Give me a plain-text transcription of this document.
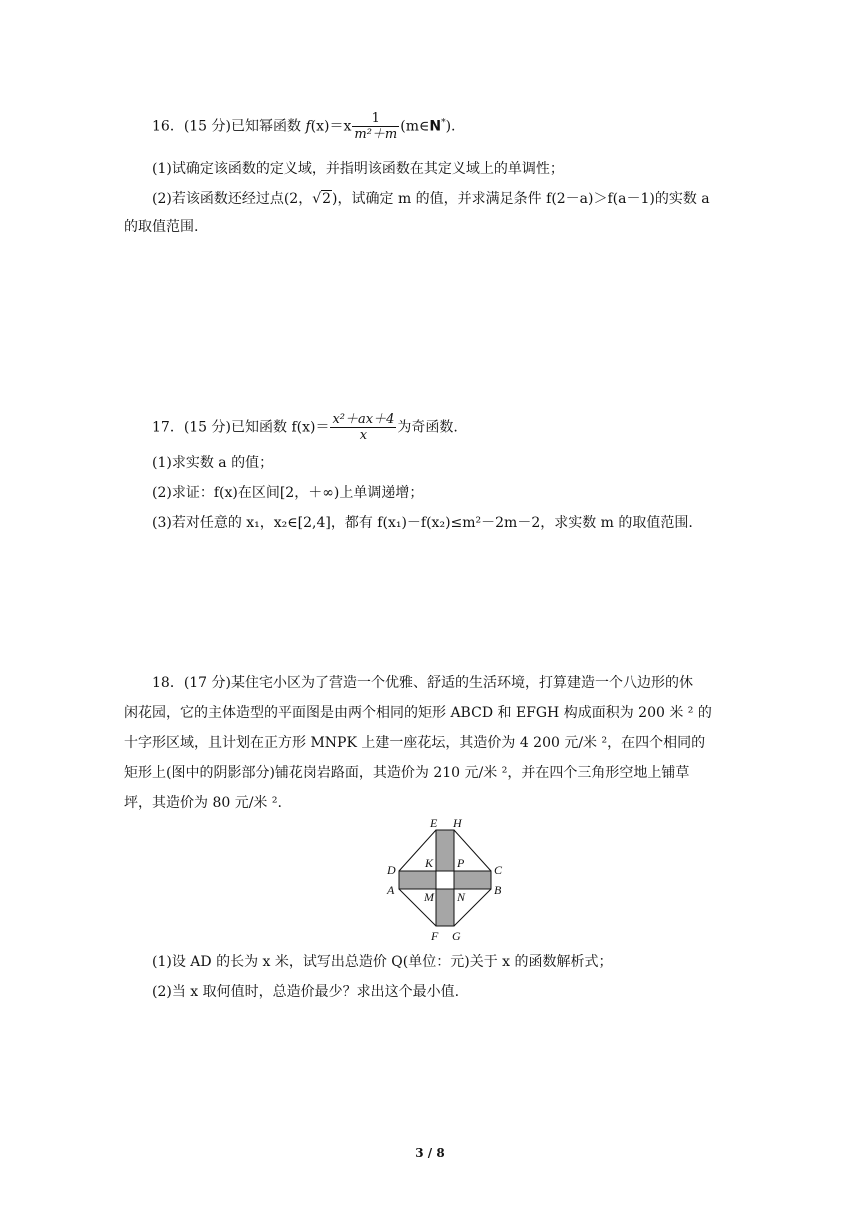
16．(15 分)已知幂函数 $f(x)=x \frac{1}{\text{m²＋m}}$ (m∈N*).
(1)试确定该函数的定义域，并指明该函数在其定义域上的单调性；
(2)若该函数还经过点(2，√2)，试确定 m 的值，并求满足条件 f(2－a)＞f(a－1)的实数 a
的取值范围.
17．(15 分)已知函数 $f(x)= \frac{\text{x²＋ax＋4}}{x}$ 为奇函数.
(1)求实数 a 的值；
(2)求证：f(x)在区间[2，＋∞)上单调递增；
(3)若对任意的 x₁，x₂∈[2,4]，都有 f(x₁)－f(x₂)≤m²－2m－2，求实数 m 的取值范围.
18．(17 分)某住宅小区为了营造一个优雅、舒适的生活环境，打算建造一个八边形的休
闲花园，它的主体造型的平面图是由两个相同的矩形 ABCD 和 EFGH 构成面积为 200 米 ² 的
十字形区域，且计划在正方形 MNPK 上建一座花坛，其造价为 4 200 元/米 ²，在四个相同的
矩形上(图中的阴影部分)铺花岗岩路面，其造价为 210 元/米 ²，并在四个三角形空地上铺草
坪，其造价为 80 元/米 ².
E H
D K P C
A M N B
F G
(1)设 AD 的长为 x 米，试写出总造价 Q(单位：元)关于 x 的函数解析式；
(2)当 x 取何值时，总造价最少？求出这个最小值.
3 / 8
